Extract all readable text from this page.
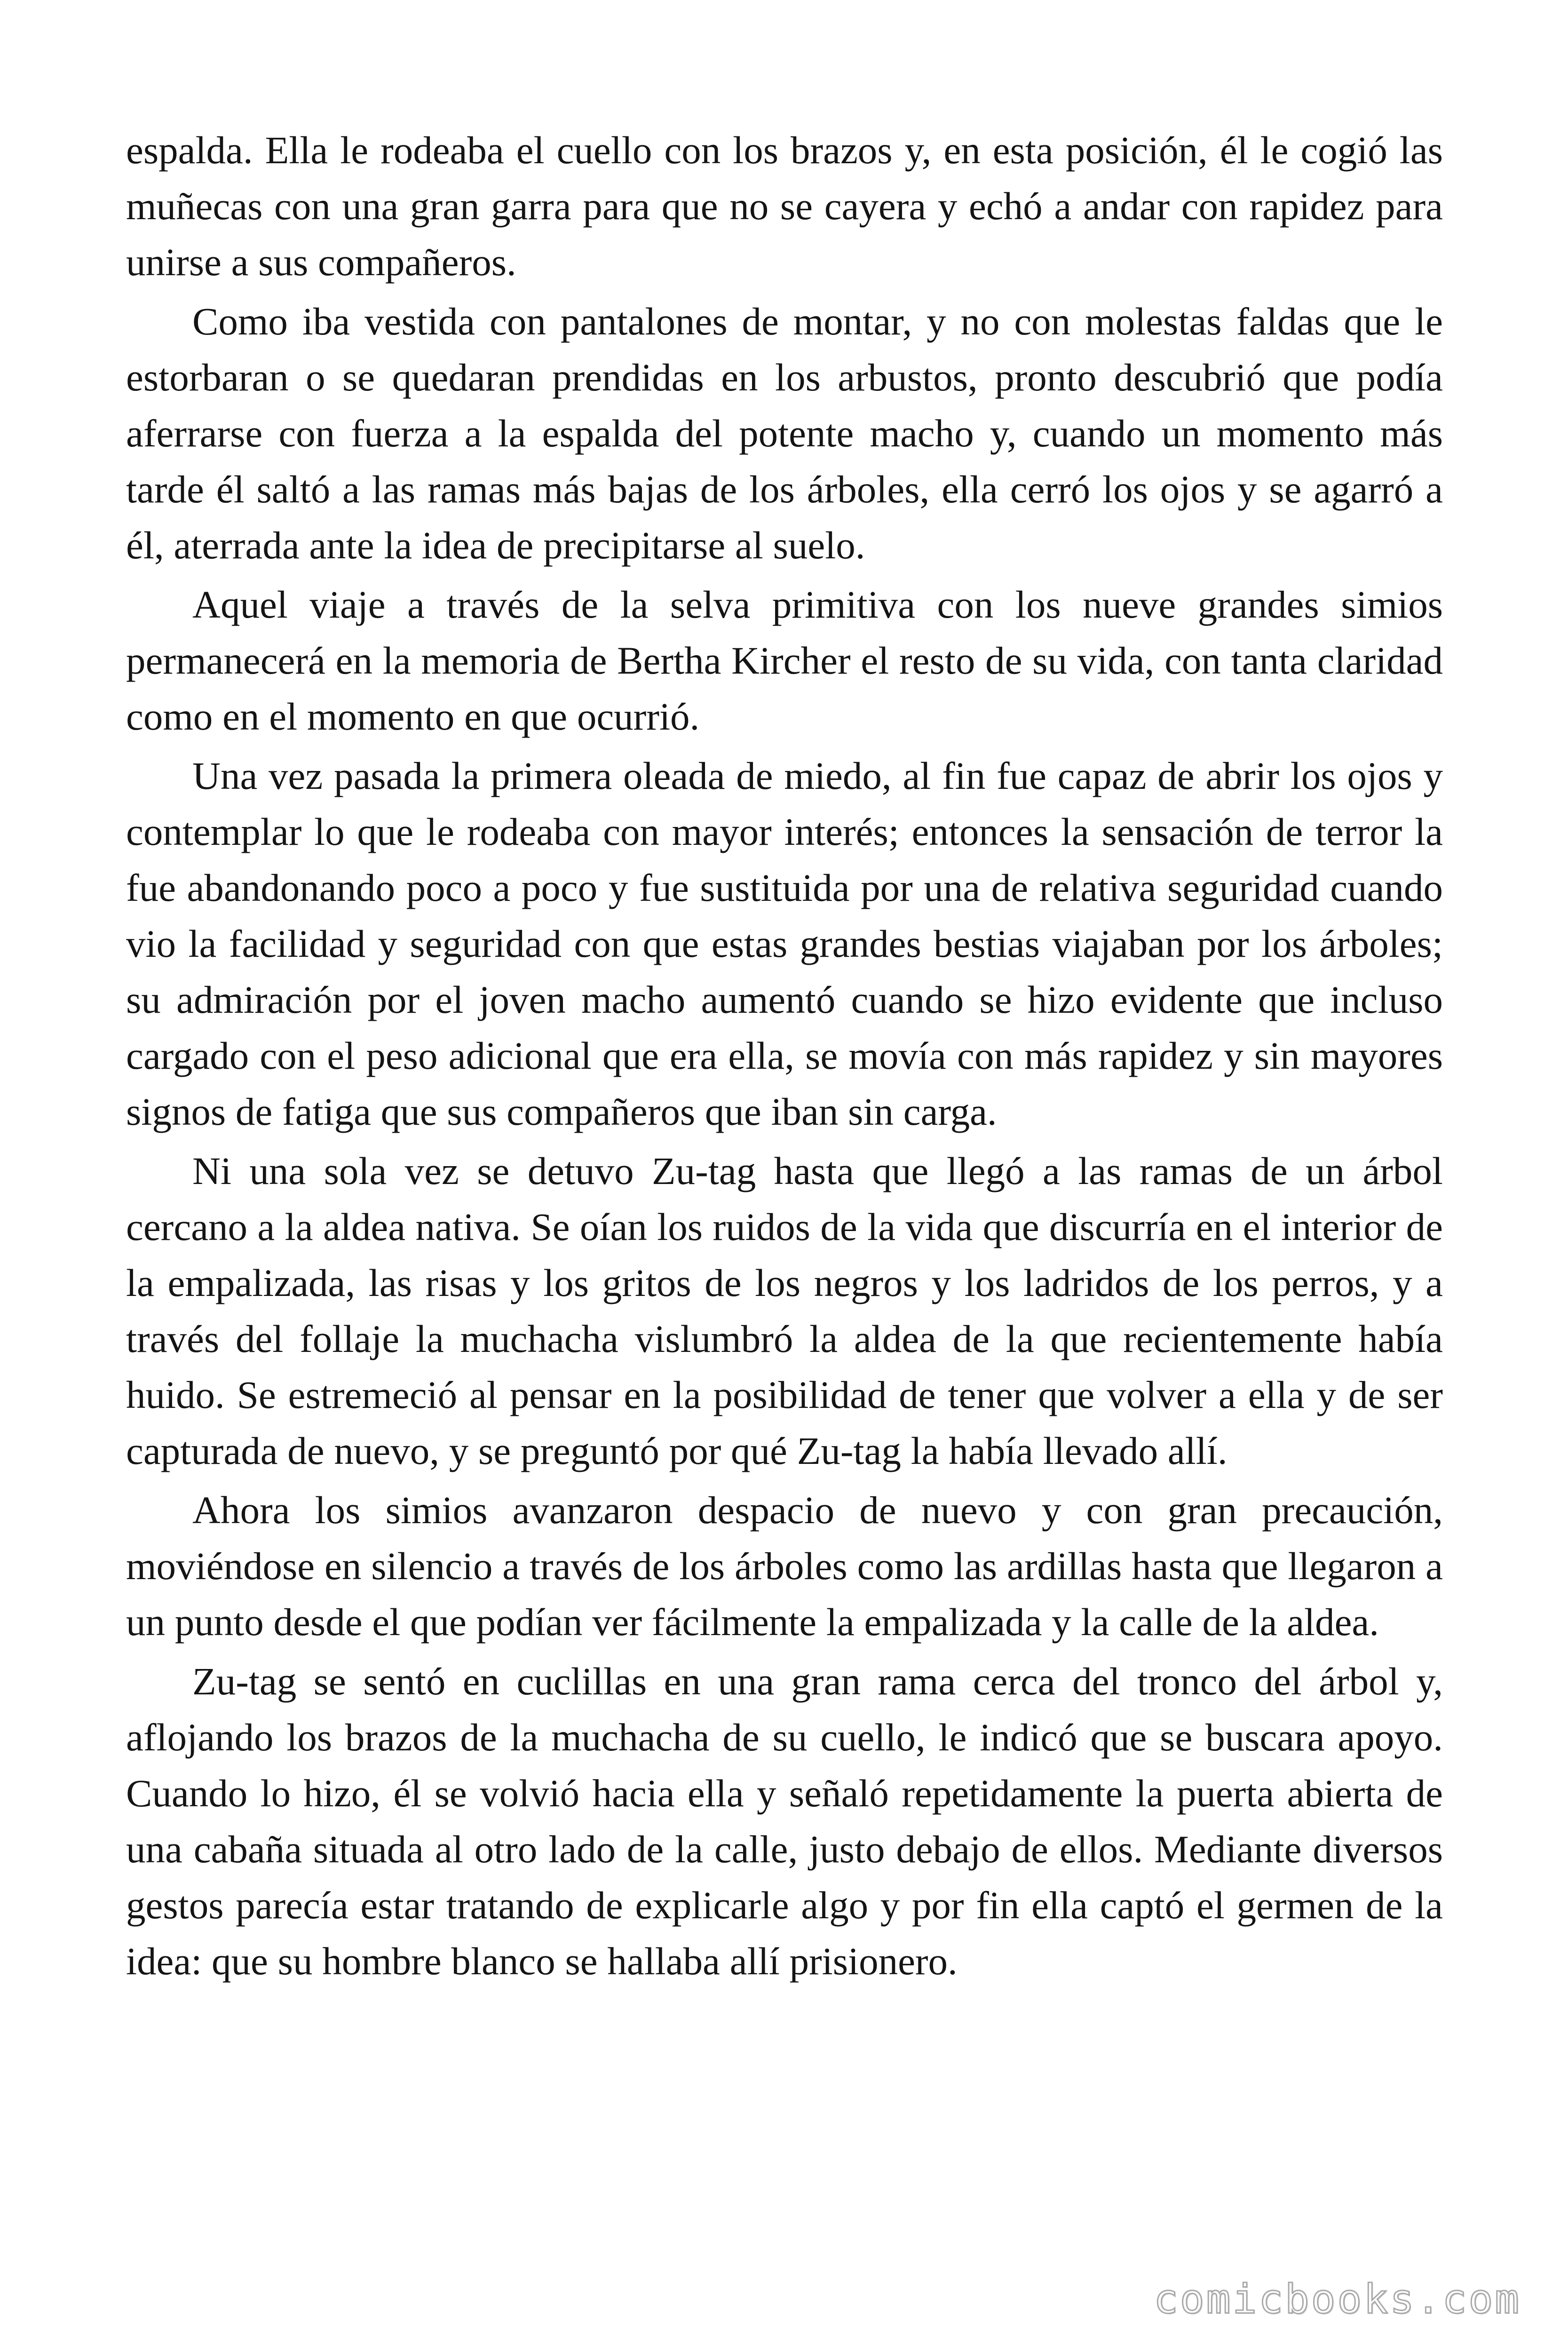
espalda. Ella le rodeaba el cuello con los brazos y, en esta posición, él le cogió las muñecas con una gran garra para que no se cayera y echó a andar con rapidez para unirse a sus compañeros.

Como iba vestida con pantalones de montar, y no con molestas faldas que le estorbaran o se quedaran prendidas en los arbustos, pronto descubrió que podía aferrarse con fuerza a la espalda del potente macho y, cuando un momento más tarde él saltó a las ramas más bajas de los árboles, ella cerró los ojos y se agarró a él, aterrada ante la idea de precipitarse al suelo.

Aquel viaje a través de la selva primitiva con los nueve grandes simios permanecerá en la memoria de Bertha Kircher el resto de su vida, con tanta claridad como en el momento en que ocurrió.

Una vez pasada la primera oleada de miedo, al fin fue capaz de abrir los ojos y contemplar lo que le rodeaba con mayor interés; entonces la sensación de terror la fue abandonando poco a poco y fue sustituida por una de relativa seguridad cuando vio la facilidad y seguridad con que estas grandes bestias viajaban por los árboles; su admiración por el joven macho aumentó cuando se hizo evidente que incluso cargado con el peso adicional que era ella, se movía con más rapidez y sin mayores signos de fatiga que sus compañeros que iban sin carga.

Ni una sola vez se detuvo Zu-tag hasta que llegó a las ramas de un árbol cercano a la aldea nativa. Se oían los ruidos de la vida que discurría en el interior de la empalizada, las risas y los gritos de los negros y los ladridos de los perros, y a través del follaje la muchacha vislumbró la aldea de la que recientemente había huido. Se estremeció al pensar en la posibilidad de tener que volver a ella y de ser capturada de nuevo, y se preguntó por qué Zu-tag la había llevado allí.

Ahora los simios avanzaron despacio de nuevo y con gran precaución, moviéndose en silencio a través de los árboles como las ardillas hasta que llegaron a un punto desde el que podían ver fácilmente la empalizada y la calle de la aldea.

Zu-tag se sentó en cuclillas en una gran rama cerca del tronco del árbol y, aflojando los brazos de la muchacha de su cuello, le indicó que se buscara apoyo. Cuando lo hizo, él se volvió hacia ella y señaló repetidamente la puerta abierta de una cabaña situada al otro lado de la calle, justo debajo de ellos. Mediante diversos gestos parecía estar tratando de explicarle algo y por fin ella captó el germen de la idea: que su hombre blanco se hallaba allí prisionero.

comicbooks.com
